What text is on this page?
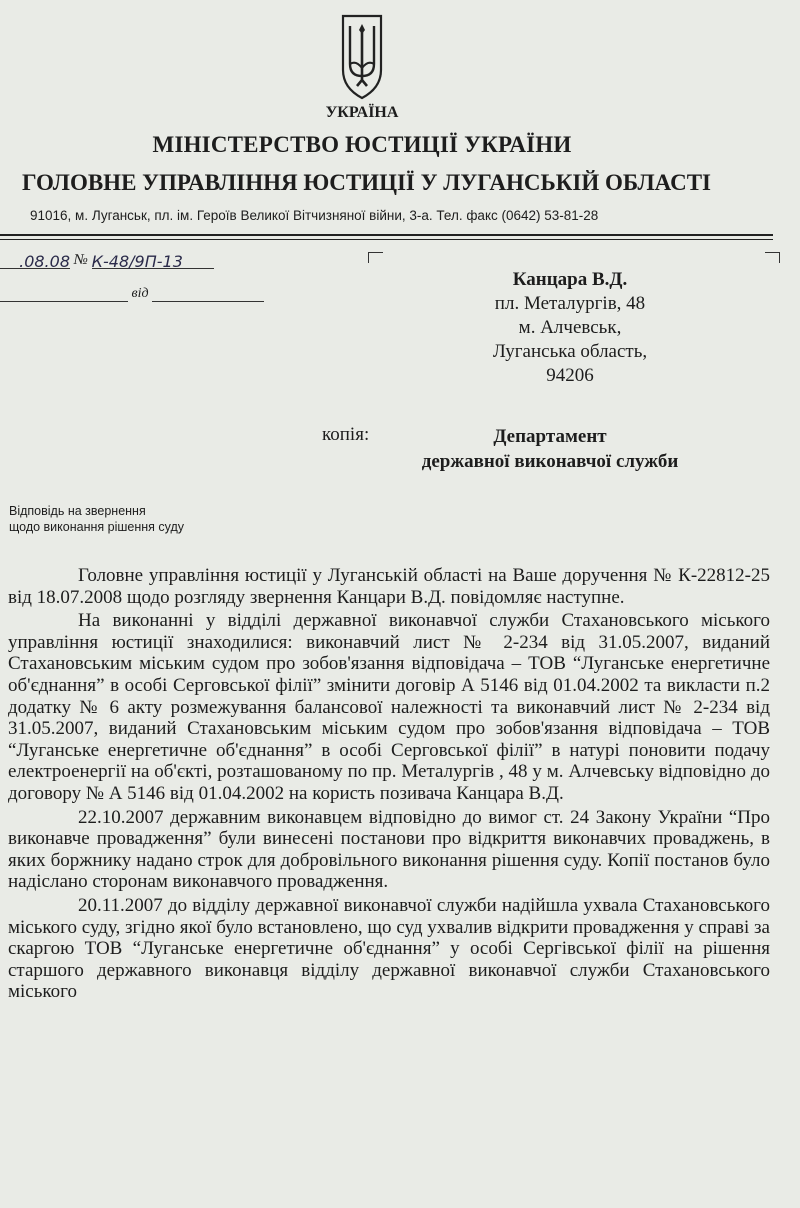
УКРАЇНА
МІНІСТЕРСТВО ЮСТИЦІЇ УКРАЇНИ
ГОЛОВНЕ УПРАВЛІННЯ ЮСТИЦІЇ У ЛУГАНСЬКІЙ ОБЛАСТІ
91016, м. Луганськ, пл. ім. Героїв Великої Вітчизняної війни, 3-а. Тел. факс (0642) 53-81-28
.08.08 № К-48/9П-13
від
Канцара В.Д.
пл. Металургів, 48
м. Алчевськ,
Луганська область,
94206
копія:	Департамент
державної виконавчої служби
Відповідь на звернення
щодо виконання рішення суду

Головне управління юстиції у Луганській області на Ваше доручення № К-22812-25 від 18.07.2008 щодо розгляду звернення Канцари В.Д. повідомляє наступне.

На виконанні у відділі державної виконавчої служби Стахановського міського управління юстиції знаходилися: виконавчий лист № 2-234 від 31.05.2007, виданий Стахановським міським судом про зобов'язання відповідача – ТОВ “Луганське енергетичне об'єднання” в особі Серговської філії” змінити договір А 5146 від 01.04.2002 та викласти п.2 додатку № 6 акту розмежування балансової належності та виконавчий лист № 2-234 від 31.05.2007, виданий Стахановським міським судом про зобов'язання відповідача – ТОВ “Луганське енергетичне об'єднання” в особі Серговської філії” в натурі поновити подачу електроенергії на об'єкті, розташованому по пр. Металургів , 48 у м. Алчевську відповідно до договору № А 5146 від 01.04.2002 на користь позивача Канцара В.Д.

22.10.2007 державним виконавцем відповідно до вимог ст. 24 Закону України “Про виконавче провадження” були винесені постанови про відкриття виконавчих проваджень, в яких боржнику надано строк для добровільного виконання рішення суду. Копії постанов було надіслано сторонам виконавчого провадження.

20.11.2007 до відділу державної виконавчої служби надійшла ухвала Стахановського міського суду, згідно якої було встановлено, що суд ухвалив відкрити провадження у справі за скаргою ТОВ “Луганське енергетичне об'єднання” у особі Сергівської філії на рішення старшого державного виконавця відділу державної виконавчої служби Стахановського міського
